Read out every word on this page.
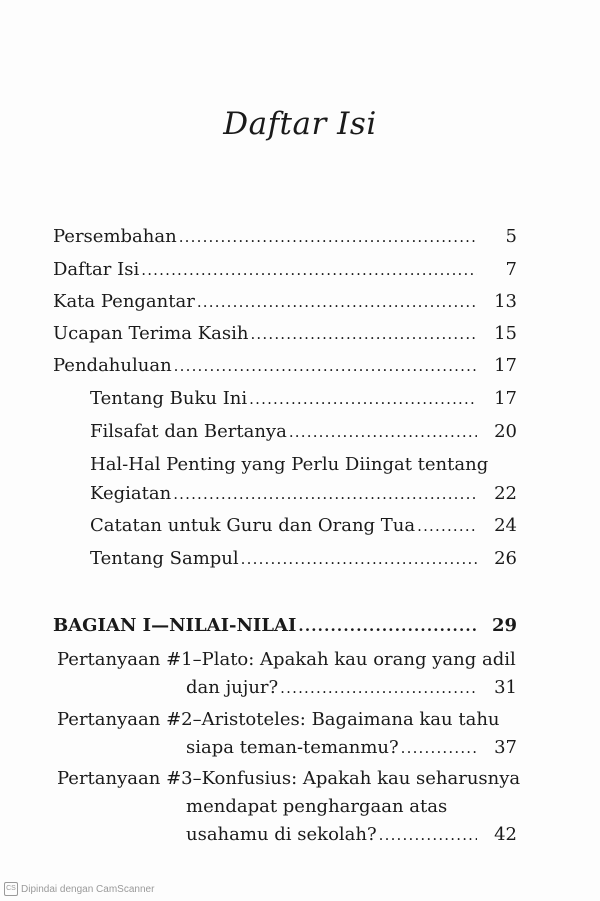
Daftar Isi
Persembahan .....	5
Daftar Isi .....	7
Kata Pengantar .....	13
Ucapan Terima Kasih .....	15
Pendahuluan .....	17
Tentang Buku Ini .....	17
Filsafat dan Bertanya .....	20
Hal-Hal Penting yang Perlu Diingat tentang
Kegiatan .....	22
Catatan untuk Guru dan Orang Tua .....	24
Tentang Sampul .....	26
BAGIAN I—NILAI-NILAI .....	29
Pertanyaan #1–Plato: Apakah kau orang yang adil
dan jujur? .....	31
Pertanyaan #2–Aristoteles: Bagaimana kau tahu
siapa teman-temanmu? .....	37
Pertanyaan #3–Konfusius: Apakah kau seharusnya
mendapat penghargaan atas
usahamu di sekolah? .....	42
CS Dipindai dengan CamScanner
